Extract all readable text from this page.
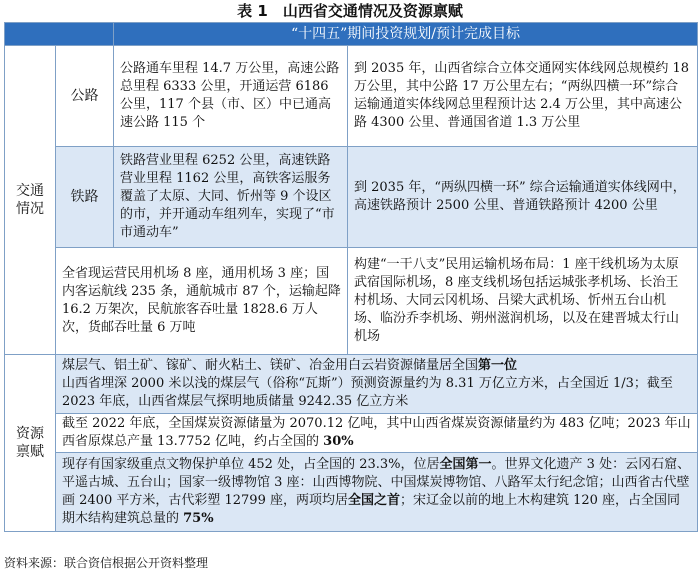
表 1　山西省交通情况及资源禀赋
		“十四五”期间投资规划/预计完成目标	
交通情况	公路	公路通车里程 14.7 万公里，高速公路总里程 6333 公里，开通运营 6186 公里，117 个县（市、区）中已通高速公路 115 个	到 2035 年，山西省综合立体交通网实体线网总规模约 18 万公里，其中公路 17 万公里左右；“两纵四横一环”综合运输通道实体线网总里程预计达 2.4 万公里，其中高速公路 4300 公里、普通国省道 1.3 万公里
	铁路	铁路营业里程 6252 公里，高速铁路营业里程 1162 公里，高铁客运服务覆盖了太原、大同、忻州等 9 个设区的市，并开通动车组列车，实现了“市市通动车”	到 2035 年，“两纵四横一环” 综合运输通道实体线网中，高速铁路预计 2500 公里、普通铁路预计 4200 公里
	全省现运营民用机场 8 座，通用机场 3 座；国内客运航线 235 条，通航城市 87 个，运输起降 16.2 万架次，民航旅客吞吐量 1828.6 万人次，货邮吞吐量 6 万吨		构建“一干八支”民用运输机场布局：1 座干线机场为太原武宿国际机场，8 座支线机场包括运城张孝机场、长治王村机场、大同云冈机场、吕梁大武机场、忻州五台山机场、临汾乔李机场、朔州滋润机场，以及在建晋城太行山机场
资源禀赋	煤层气、铝土矿、镓矿、耐火粘土、镁矿、冶金用白云岩资源储量居全国第一位
山西省埋深 2000 米以浅的煤层气（俗称“瓦斯”）预测资源量约为 8.31 万亿立方米，占全国近 1/3；截至 2023 年底，山西省煤层气探明地质储量 9242.35 亿立方米		
	截至 2022 年底，全国煤炭资源储量为 2070.12 亿吨，其中山西省煤炭资源储量约为 483 亿吨；2023 年山西省原煤总产量 13.7752 亿吨，约占全国的 30%		
	现存有国家级重点文物保护单位 452 处，占全国的 23.3%，位居全国第一。世界文化遗产 3 处：云冈石窟、平遥古城、五台山；国家一级博物馆 3 座：山西博物院、中国煤炭博物馆、八路军太行纪念馆；山西省古代壁画 2400 平方米，古代彩塑 12799 座，两项均居全国之首；宋辽金以前的地上木构建筑 120 座，占全国同期木结构建筑总量的 75%		
资料来源：联合资信根据公开资料整理
